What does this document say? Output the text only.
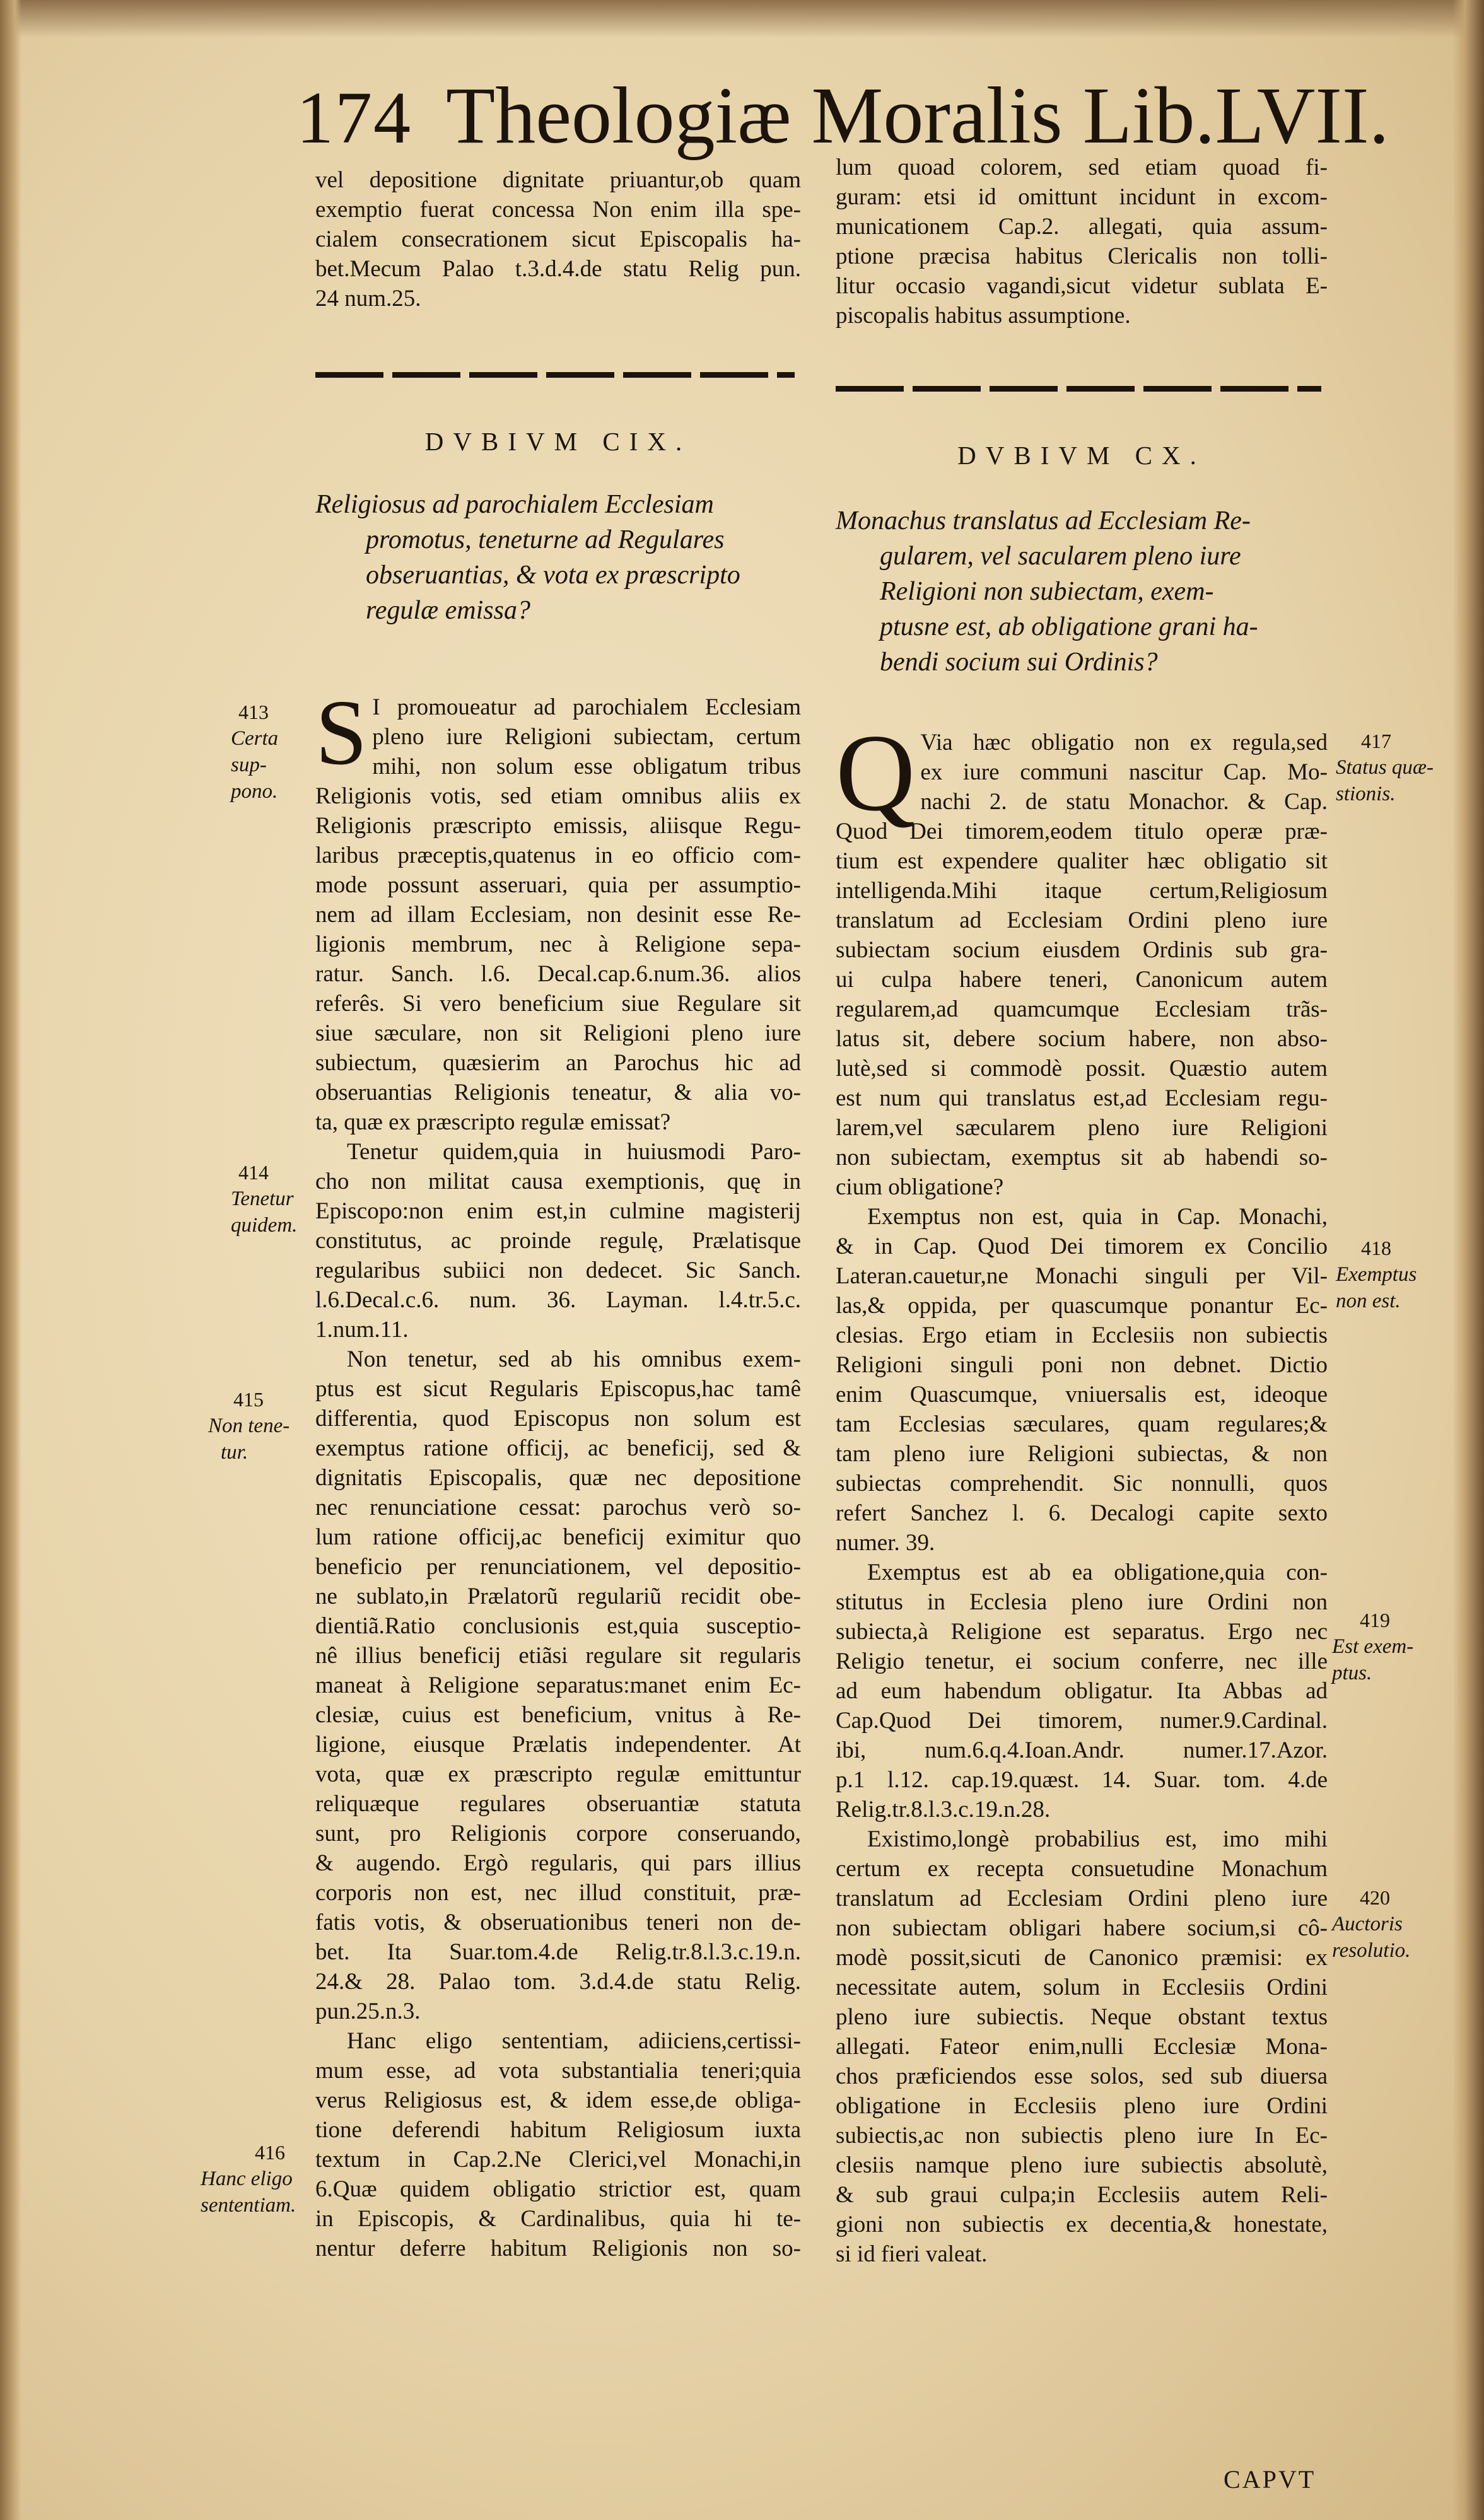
174 Theologiæ Moralis Lib.LVII.
vel depositione dignitate priuantur,ob quam
exemptio fuerat concessa Non enim illa spe-
cialem consecrationem sicut Episcopalis ha-
bet.Mecum Palao t.3.d.4.de statu Relig pun.
24 num.25.
DVBIVM CIX.
Religiosus ad parochialem Ecclesiam
promotus, teneturne ad Regulares
obseruantias, & vota ex præscripto
regulæ emissa?

S I promoueatur ad parochialem Ecclesiam
pleno iure Religioni subiectam, certum
mihi, non solum esse obligatum tribus
Religionis votis, sed etiam omnibus aliis ex
Religionis præscripto emissis, aliisque Regu-
laribus præceptis,quatenus in eo officio com-
mode possunt asseruari, quia per assumptio-
nem ad illam Ecclesiam, non desinit esse Re-
ligionis membrum, nec à Religione sepa-
ratur. Sanch. l.6. Decal.cap.6.num.36. alios
referês. Si vero beneficium siue Regulare sit
siue sæculare, non sit Religioni pleno iure
subiectum, quæsierim an Parochus hic ad
obseruantias Religionis teneatur, & alia vo-
ta, quæ ex præscripto regulæ emissat?

Tenetur quidem,quia in huiusmodi Paro-
cho non militat causa exemptionis, quę in
Episcopo:non enim est,in culmine magisterij
constitutus, ac proinde regulę, Prælatisque
regularibus subiici non dedecet. Sic Sanch.
l.6.Decal.c.6. num. 36. Layman. l.4.tr.5.c.
1.num.11.

Non tenetur, sed ab his omnibus exem-
ptus est sicut Regularis Episcopus,hac tamê
differentia, quod Episcopus non solum est
exemptus ratione officij, ac beneficij, sed &
dignitatis Episcopalis, quæ nec depositione
nec renunciatione cessat: parochus verò so-
lum ratione officij,ac beneficij eximitur quo
beneficio per renunciationem, vel depositio-
ne sublato,in Prælatorũ regulariũ recidit obe-
dientiã.Ratio conclusionis est,quia susceptio-
nê illius beneficij etiãsi regulare sit regularis
maneat à Religione separatus:manet enim Ec-
clesiæ, cuius est beneficium, vnitus à Re-
ligione, eiusque Prælatis independenter. At
vota, quæ ex præscripto regulæ emittuntur
reliquæque regulares obseruantiæ statuta
sunt, pro Religionis corpore conseruando,
& augendo. Ergò regularis, qui pars illius
corporis non est, nec illud constituit, præ-
fatis votis, & obseruationibus teneri non de-
bet. Ita Suar.tom.4.de Relig.tr.8.l.3.c.19.n.
24.& 28. Palao tom. 3.d.4.de statu Relig.
pun.25.n.3.

Hanc eligo sententiam, adiiciens,certissi-
mum esse, ad vota substantialia teneri;quia
verus Religiosus est, & idem esse,de obliga-
tione deferendi habitum Religiosum iuxta
textum in Cap.2.Ne Clerici,vel Monachi,in
6.Quæ quidem obligatio strictior est, quam
in Episcopis, & Cardinalibus, quia hi te-
nentur deferre habitum Religionis non so-

lum quoad colorem, sed etiam quoad fi-
guram: etsi id omittunt incidunt in excom-
municationem Cap.2. allegati, quia assum-
ptione præcisa habitus Clericalis non tolli-
litur occasio vagandi,sicut videtur sublata E-
piscopalis habitus assumptione.
DVBIVM CX.
Monachus translatus ad Ecclesiam Re-
gularem, vel sacularem pleno iure
Religioni non subiectam, exem-
ptusne est, ab obligatione grani ha-
bendi socium sui Ordinis?

Q Via hæc obligatio non ex regula,sed
ex iure communi nascitur Cap. Mo-
nachi 2. de statu Monachor. & Cap.
Quod Dei timorem,eodem titulo operæ præ-
tium est expendere qualiter hæc obligatio sit
intelligenda.Mihi itaque certum,Religiosum
translatum ad Ecclesiam Ordini pleno iure
subiectam socium eiusdem Ordinis sub gra-
ui culpa habere teneri, Canonicum autem
regularem,ad quamcumque Ecclesiam trãs-
latus sit, debere socium habere, non abso-
lutè,sed si commodè possit. Quæstio autem
est num qui translatus est,ad Ecclesiam regu-
larem,vel sæcularem pleno iure Religioni
non subiectam, exemptus sit ab habendi so-
cium obligatione?

Exemptus non est, quia in Cap. Monachi,
& in Cap. Quod Dei timorem ex Concilio
Lateran.cauetur,ne Monachi singuli per Vil-
las,& oppida, per quascumque ponantur Ec-
clesias. Ergo etiam in Ecclesiis non subiectis
Religioni singuli poni non debnet. Dictio
enim Quascumque, vniuersalis est, ideoque
tam Ecclesias sæculares, quam regulares;&
tam pleno iure Religioni subiectas, & non
subiectas comprehendit. Sic nonnulli, quos
refert Sanchez l. 6. Decalogi capite sexto
numer. 39.

Exemptus est ab ea obligatione,quia con-
stitutus in Ecclesia pleno iure Ordini non
subiecta,à Religione est separatus. Ergo nec
Religio tenetur, ei socium conferre, nec ille
ad eum habendum obligatur. Ita Abbas ad
Cap.Quod Dei timorem, numer.9.Cardinal.
ibi, num.6.q.4.Ioan.Andr. numer.17.Azor.
p.1 l.12. cap.19.quæst. 14. Suar. tom. 4.de
Relig.tr.8.l.3.c.19.n.28.

Existimo,longè probabilius est, imo mihi
certum ex recepta consuetudine Monachum
translatum ad Ecclesiam Ordini pleno iure
non subiectam obligari habere socium,si cô-
modè possit,sicuti de Canonico præmisi: ex
necessitate autem, solum in Ecclesiis Ordini
pleno iure subiectis. Neque obstant textus
allegati. Fateor enim,nulli Ecclesiæ Mona-
chos præficiendos esse solos, sed sub diuersa
obligatione in Ecclesiis pleno iure Ordini
subiectis,ac non subiectis pleno iure In Ec-
clesiis namque pleno iure subiectis absolutè,
& sub graui culpa;in Ecclesiis autem Reli-
gioni non subiectis ex decentia,& honestate,
si id fieri valeat.

CAPVT
413
Certa sup-
pono.
414
Tenetur
quidem.
415
Non tene-
tur.
416
Hanc eligo
sententiam.
417
Status quæ-
stionis.
418
Exemptus
non est.
419
Est exem-
ptus.
420
Auctoris
resolutio.
